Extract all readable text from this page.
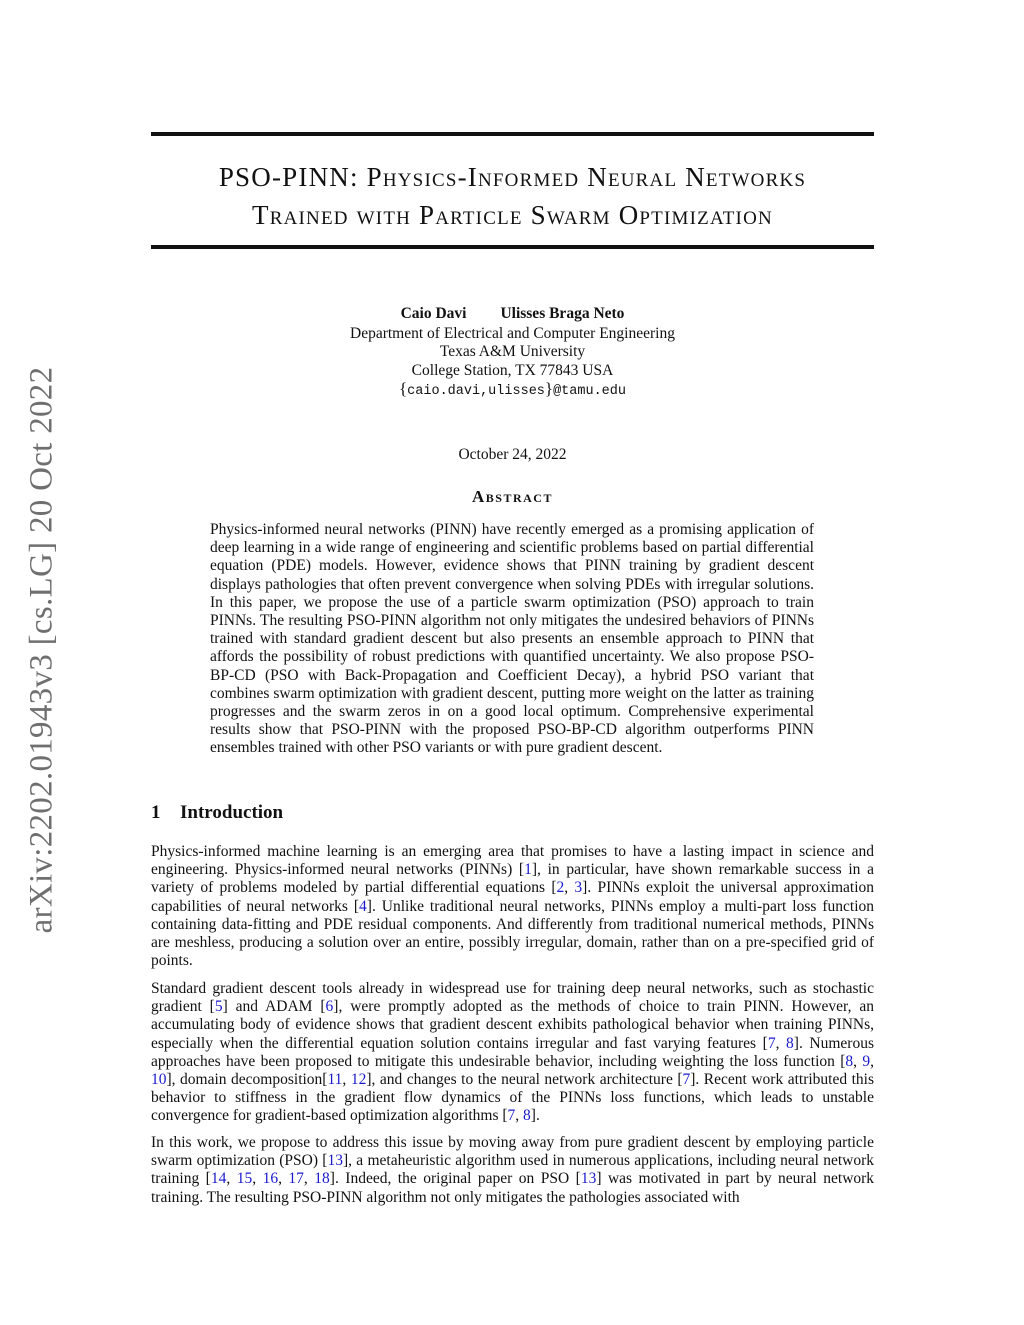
arXiv:2202.01943v3 [cs.LG] 20 Oct 2022
PSO-PINN: Physics-Informed Neural Networks
Trained with Particle Swarm Optimization
Caio Davi Ulisses Braga Neto
Department of Electrical and Computer Engineering
Texas A&M University
College Station, TX 77843 USA
{caio.davi,ulisses}@tamu.edu
October 24, 2022
Abstract

Physics-informed neural networks (PINN) have recently emerged as a promising application of deep learning in a wide range of engineering and scientific problems based on partial differential equation (PDE) models. However, evidence shows that PINN training by gradient descent displays pathologies that often prevent convergence when solving PDEs with irregular solutions. In this paper, we propose the use of a particle swarm optimization (PSO) approach to train PINNs. The resulting PSO-PINN algorithm not only mitigates the undesired behaviors of PINNs trained with standard gradient descent but also presents an ensemble approach to PINN that affords the possibility of robust predictions with quantified uncertainty. We also propose PSO-BP-CD (PSO with Back-Propagation and Coefficient Decay), a hybrid PSO variant that combines swarm optimization with gradient descent, putting more weight on the latter as training progresses and the swarm zeros in on a good local optimum. Comprehensive experimental results show that PSO-PINN with the proposed PSO-BP-CD algorithm outperforms PINN ensembles trained with other PSO variants or with pure gradient descent.

1 Introduction

Physics-informed machine learning is an emerging area that promises to have a lasting impact in science and engineering. Physics-informed neural networks (PINNs) [1], in particular, have shown remarkable success in a variety of problems modeled by partial differential equations [2, 3]. PINNs exploit the universal approximation capabilities of neural networks [4]. Unlike traditional neural networks, PINNs employ a multi-part loss function containing data-fitting and PDE residual components. And differently from traditional numerical methods, PINNs are meshless, producing a solution over an entire, possibly irregular, domain, rather than on a pre-specified grid of points.

Standard gradient descent tools already in widespread use for training deep neural networks, such as stochastic gradient [5] and ADAM [6], were promptly adopted as the methods of choice to train PINN. However, an accumulating body of evidence shows that gradient descent exhibits pathological behavior when training PINNs, especially when the differential equation solution contains irregular and fast varying features [7, 8]. Numerous approaches have been proposed to mitigate this undesirable behavior, including weighting the loss function [8, 9, 10], domain decomposition[11, 12], and changes to the neural network architecture [7]. Recent work attributed this behavior to stiffness in the gradient flow dynamics of the PINNs loss functions, which leads to unstable convergence for gradient-based optimization algorithms [7, 8].

In this work, we propose to address this issue by moving away from pure gradient descent by employing particle swarm optimization (PSO) [13], a metaheuristic algorithm used in numerous applications, including neural network training [14, 15, 16, 17, 18]. Indeed, the original paper on PSO [13] was motivated in part by neural network training. The resulting PSO-PINN algorithm not only mitigates the pathologies associated with
